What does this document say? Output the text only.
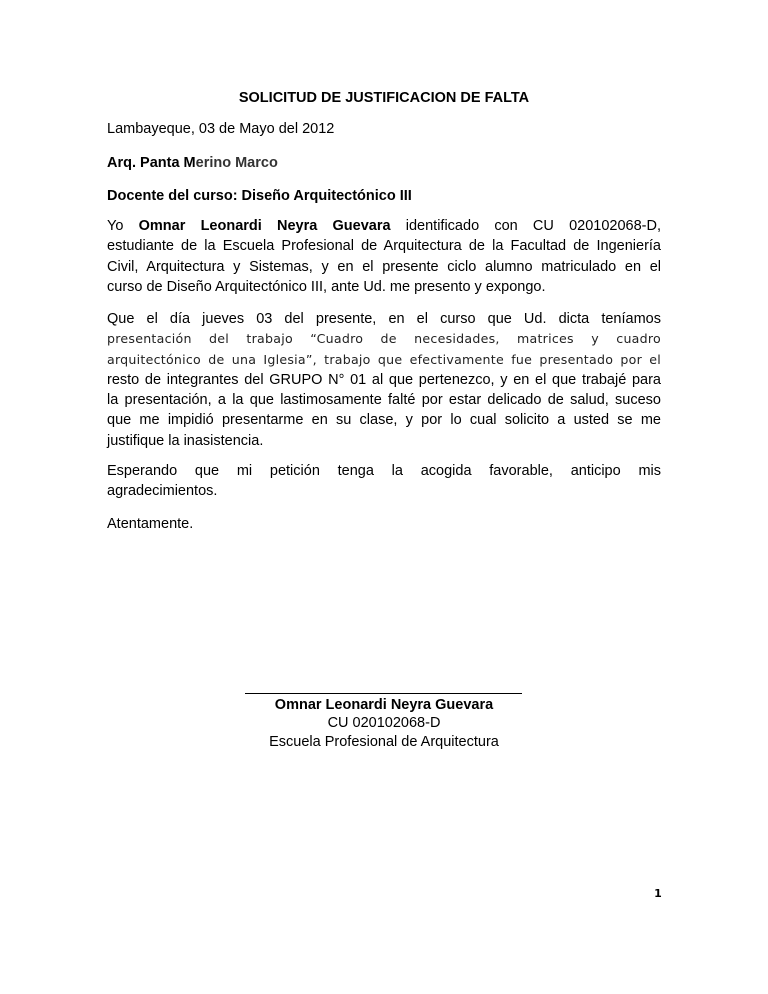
SOLICITUD DE JUSTIFICACION DE FALTA
Lambayeque, 03 de Mayo del 2012
Arq. Panta Merino Marco
Docente del curso: Diseño Arquitectónico III
Yo Omnar Leonardi Neyra Guevara identificado con CU 020102068-D,
estudiante de la Escuela Profesional de Arquitectura de la Facultad de Ingeniería
Civil, Arquitectura y Sistemas, y en el presente ciclo alumno matriculado en el
curso de Diseño Arquitectónico III, ante Ud. me presento y expongo.
Que el día jueves 03 del presente, en el curso que Ud. dicta teníamos
presentación del trabajo “Cuadro de necesidades, matrices y cuadro
arquitectónico de una Iglesia”, trabajo que efectivamente fue presentado por el
resto de integrantes del GRUPO N° 01 al que pertenezco, y en el que trabajé para
la presentación, a la que lastimosamente falté por estar delicado de salud, suceso
que me impidió presentarme en su clase, y por lo cual solicito a usted se me
justifique la inasistencia.
Esperando que mi petición tenga la acogida favorable, anticipo mis
agradecimientos.
Atentamente.
Omnar Leonardi Neyra Guevara
CU 020102068-D
Escuela Profesional de Arquitectura
1
